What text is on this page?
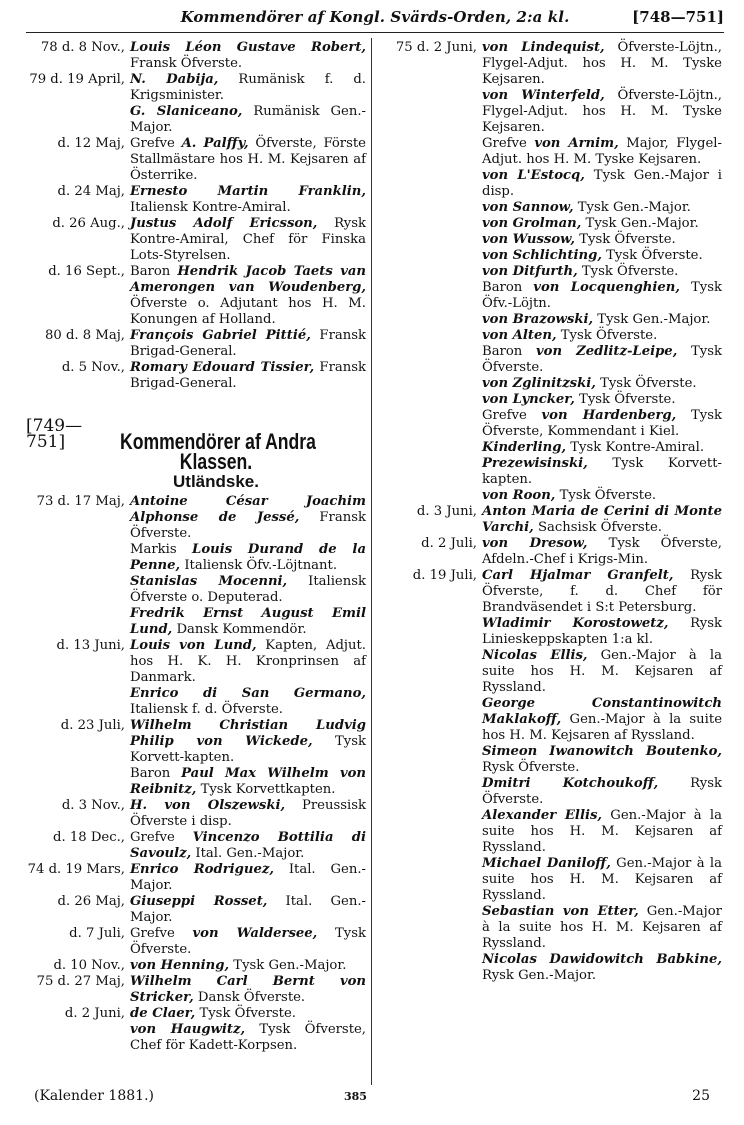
Kommendörer af Kongl. Svärds-Orden, 2:a kl.	[748—751]
78 d. 8 Nov., Louis Léon Gustave Robert, Fransk Öfverste.
79 d. 19 April, N. Dabija, Rumänisk f. d. Krigsminister.
G. Slaniceano, Rumänisk Gen.-Major.
d. 12 Maj, Grefve A. Palffy, Öfverste, Förste Stallmästare hos H. M. Kejsaren af Österrike.
d. 24 Maj, Ernesto Martin Franklin, Italiensk Kontre-Amiral.
d. 26 Aug., Justus Adolf Ericsson, Rysk Kontre-Amiral, Chef för Finska Lots-Styrelsen.
d. 16 Sept., Baron Hendrik Jacob Taets van Amerongen van Woudenberg, Öfverste o. Adjutant hos H. M. Konungen af Holland.
80 d. 8 Maj, François Gabriel Pittié, Fransk Brigad-General.
d. 5 Nov., Romary Edouard Tissier, Fransk Brigad-General.
[749—751]	Kommendörer af Andra
Klassen.
Utländske.
73 d. 17 Maj, Antoine César Joachim Alphonse de Jessé, Fransk Öfverste.
Markis Louis Durand de la Penne, Italiensk Öfv.-Löjtnant.
Stanislas Mocenni, Italiensk Öfverste o. Deputerad.
Fredrik Ernst August Emil Lund, Dansk Kommendör.
d. 13 Juni, Louis von Lund, Kapten, Adjut. hos H. K. H. Kronprinsen af Danmark.
Enrico di San Germano, Italiensk f. d. Öfverste.
d. 23 Juli, Wilhelm Christian Ludvig Philip von Wickede, Tysk Korvett-kapten.
Baron Paul Max Wilhelm von Reibnitz, Tysk Korvettkapten.
d. 3 Nov., H. von Olszewski, Preussisk Öfverste i disp.
d. 18 Dec., Grefve Vincenzo Bottilia di Savoulz, Ital. Gen.-Major.
74 d. 19 Mars, Enrico Rodriguez, Ital. Gen.-Major.
d. 26 Maj, Giuseppi Rosset, Ital. Gen.-Major.
d. 7 Juli, Grefve von Waldersee, Tysk Öfverste.
d. 10 Nov., von Henning, Tysk Gen.-Major.
75 d. 27 Maj, Wilhelm Carl Bernt von Stricker, Dansk Öfverste.
d. 2 Juni, de Claer, Tysk Öfverste.
von Haugwitz, Tysk Öfverste, Chef för Kadett-Korpsen.
75 d. 2 Juni, von Lindequist, Öfverste-Löjtn., Flygel-Adjut. hos H. M. Tyske Kejsaren.
von Winterfeld, Öfverste-Löjtn., Flygel-Adjut. hos H. M. Tyske Kejsaren.
Grefve von Arnim, Major, Flygel-Adjut. hos H. M. Tyske Kejsaren.
von L'Estocq, Tysk Gen.-Major i disp.
von Sannow, Tysk Gen.-Major.
von Grolman, Tysk Gen.-Major.
von Wussow, Tysk Öfverste.
von Schlichting, Tysk Öfverste.
von Ditfurth, Tysk Öfverste.
Baron von Locquenghien, Tysk Öfv.-Löjtn.
von Brazowski, Tysk Gen.-Major.
von Alten, Tysk Öfverste.
Baron von Zedlitz-Leipe, Tysk Öfverste.
von Zglinitzski, Tysk Öfverste.
von Lyncker, Tysk Öfverste.
Grefve von Hardenberg, Tysk Öfverste, Kommendant i Kiel.
Kinderling, Tysk Kontre-Amiral.
Prezewisinski, Tysk Korvett-kapten.
von Roon, Tysk Öfverste.
d. 3 Juni, Anton Maria de Cerini di Monte Varchi, Sachsisk Öfverste.
d. 2 Juli, von Dresow, Tysk Öfverste, Afdeln.-Chef i Krigs-Min.
d. 19 Juli, Carl Hjalmar Granfelt, Rysk Öfverste, f. d. Chef för Brandväsendet i S:t Petersburg.
Wladimir Korostowetz, Rysk Linieskeppskapten 1:a kl.
Nicolas Ellis, Gen.-Major à la suite hos H. M. Kejsaren af Ryssland.
George Constantinowitch Maklakoff, Gen.-Major à la suite hos H. M. Kejsaren af Ryssland.
Simeon Iwanowitch Boutenko, Rysk Öfverste.
Dmitri Kotchoukoff, Rysk Öfverste.
Alexander Ellis, Gen.-Major à la suite hos H. M. Kejsaren af Ryssland.
Michael Daniloff, Gen.-Major à la suite hos H. M. Kejsaren af Ryssland.
Sebastian von Etter, Gen.-Major à la suite hos H. M. Kejsaren af Ryssland.
Nicolas Dawidowitch Babkine, Rysk Gen.-Major.
(Kalender 1881.)	385	25
